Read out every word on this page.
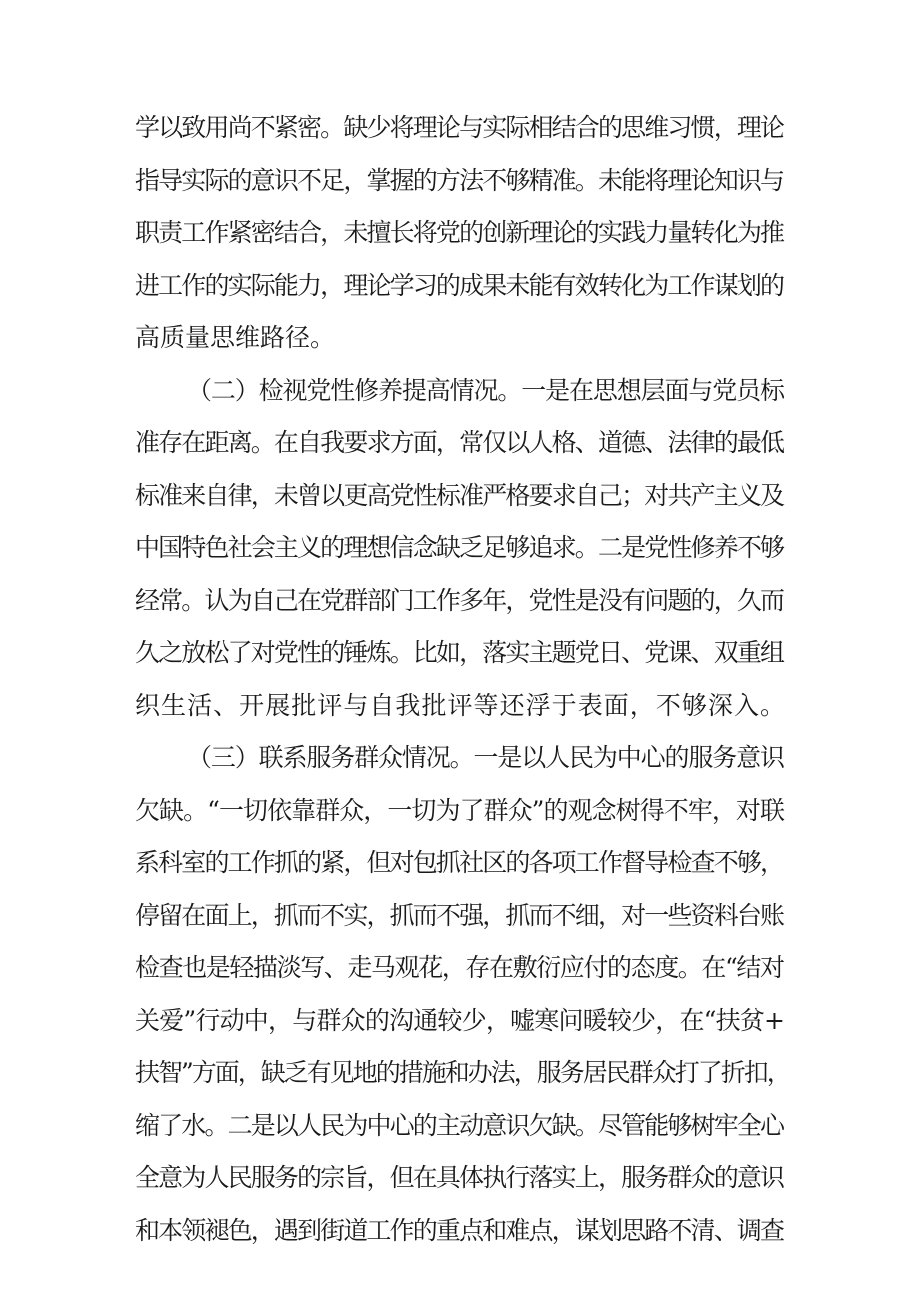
学以致用尚不紧密。缺少将理论与实际相结合的思维习惯，理论
指导实际的意识不足，掌握的方法不够精准。未能将理论知识与
职责工作紧密结合，未擅长将党的创新理论的实践力量转化为推
进工作的实际能力，理论学习的成果未能有效转化为工作谋划的
高质量思维路径。
（二）检视党性修养提高情况。一是在思想层面与党员标
准存在距离。在自我要求方面，常仅以人格、道德、法律的最低
标准来自律，未曾以更高党性标准严格要求自己；对共产主义及
中国特色社会主义的理想信念缺乏足够追求。二是党性修养不够
经常。认为自己在党群部门工作多年，党性是没有问题的，久而
久之放松了对党性的锤炼。比如，落实主题党日、党课、双重组
织生活、开展批评与自我批评等还浮于表面，不够深入。
（三）联系服务群众情况。一是以人民为中心的服务意识
欠缺。“一切依靠群众，一切为了群众”的观念树得不牢，对联
系科室的工作抓的紧，但对包抓社区的各项工作督导检查不够，
停留在面上，抓而不实，抓而不强，抓而不细，对一些资料台账
检查也是轻描淡写、走马观花，存在敷衍应付的态度。在“结对
关爱”行动中，与群众的沟通较少，嘘寒问暖较少，在“扶贫+
扶智”方面，缺乏有见地的措施和办法，服务居民群众打了折扣，
缩了水。二是以人民为中心的主动意识欠缺。尽管能够树牢全心
全意为人民服务的宗旨，但在具体执行落实上，服务群众的意识
和本领褪色，遇到街道工作的重点和难点，谋划思路不清、调查
